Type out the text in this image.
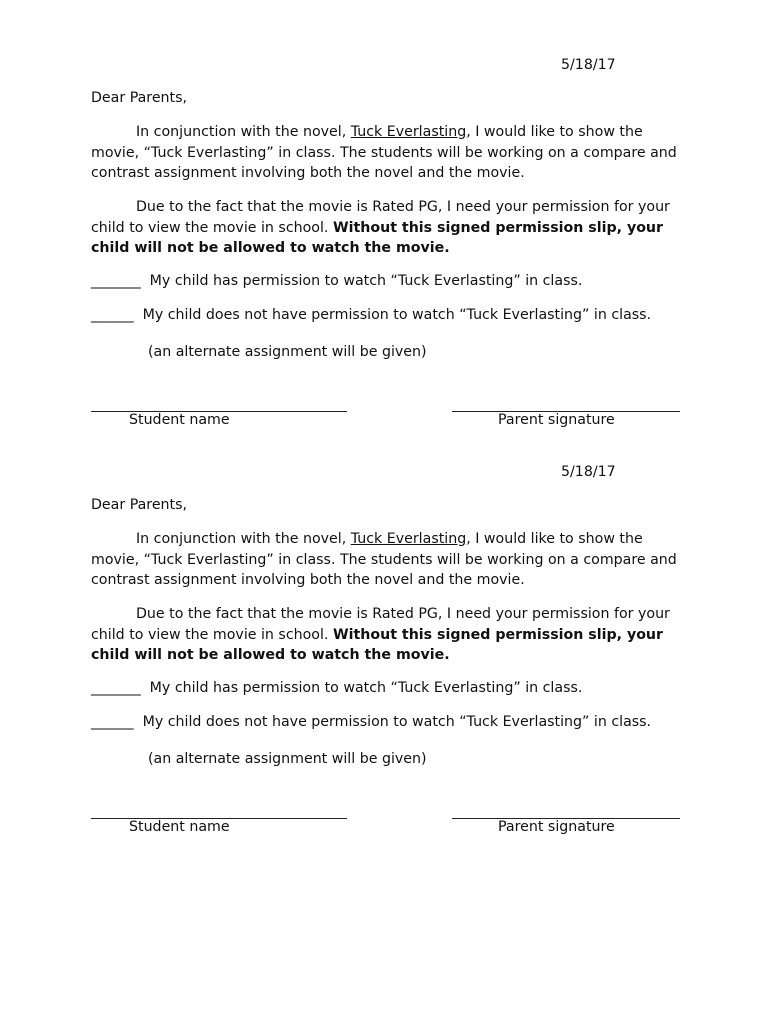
5/18/17
Dear Parents,
In conjunction with the novel, Tuck Everlasting, I would like to show the movie, “Tuck Everlasting” in class. The students will be working on a compare and contrast assignment involving both the novel and the movie.
Due to the fact that the movie is Rated PG, I need your permission for your child to view the movie in school. Without this signed permission slip, your child will not be allowed to watch the movie.
_______  My child has permission to watch “Tuck Everlasting” in class.
______  My child does not have permission to watch “Tuck Everlasting” in class.
(an alternate assignment will be given)
Student name	Parent signature
5/18/17
Dear Parents,
In conjunction with the novel, Tuck Everlasting, I would like to show the movie, “Tuck Everlasting” in class. The students will be working on a compare and contrast assignment involving both the novel and the movie.
Due to the fact that the movie is Rated PG, I need your permission for your child to view the movie in school. Without this signed permission slip, your child will not be allowed to watch the movie.
_______  My child has permission to watch “Tuck Everlasting” in class.
______  My child does not have permission to watch “Tuck Everlasting” in class.
(an alternate assignment will be given)
Student name	Parent signature
